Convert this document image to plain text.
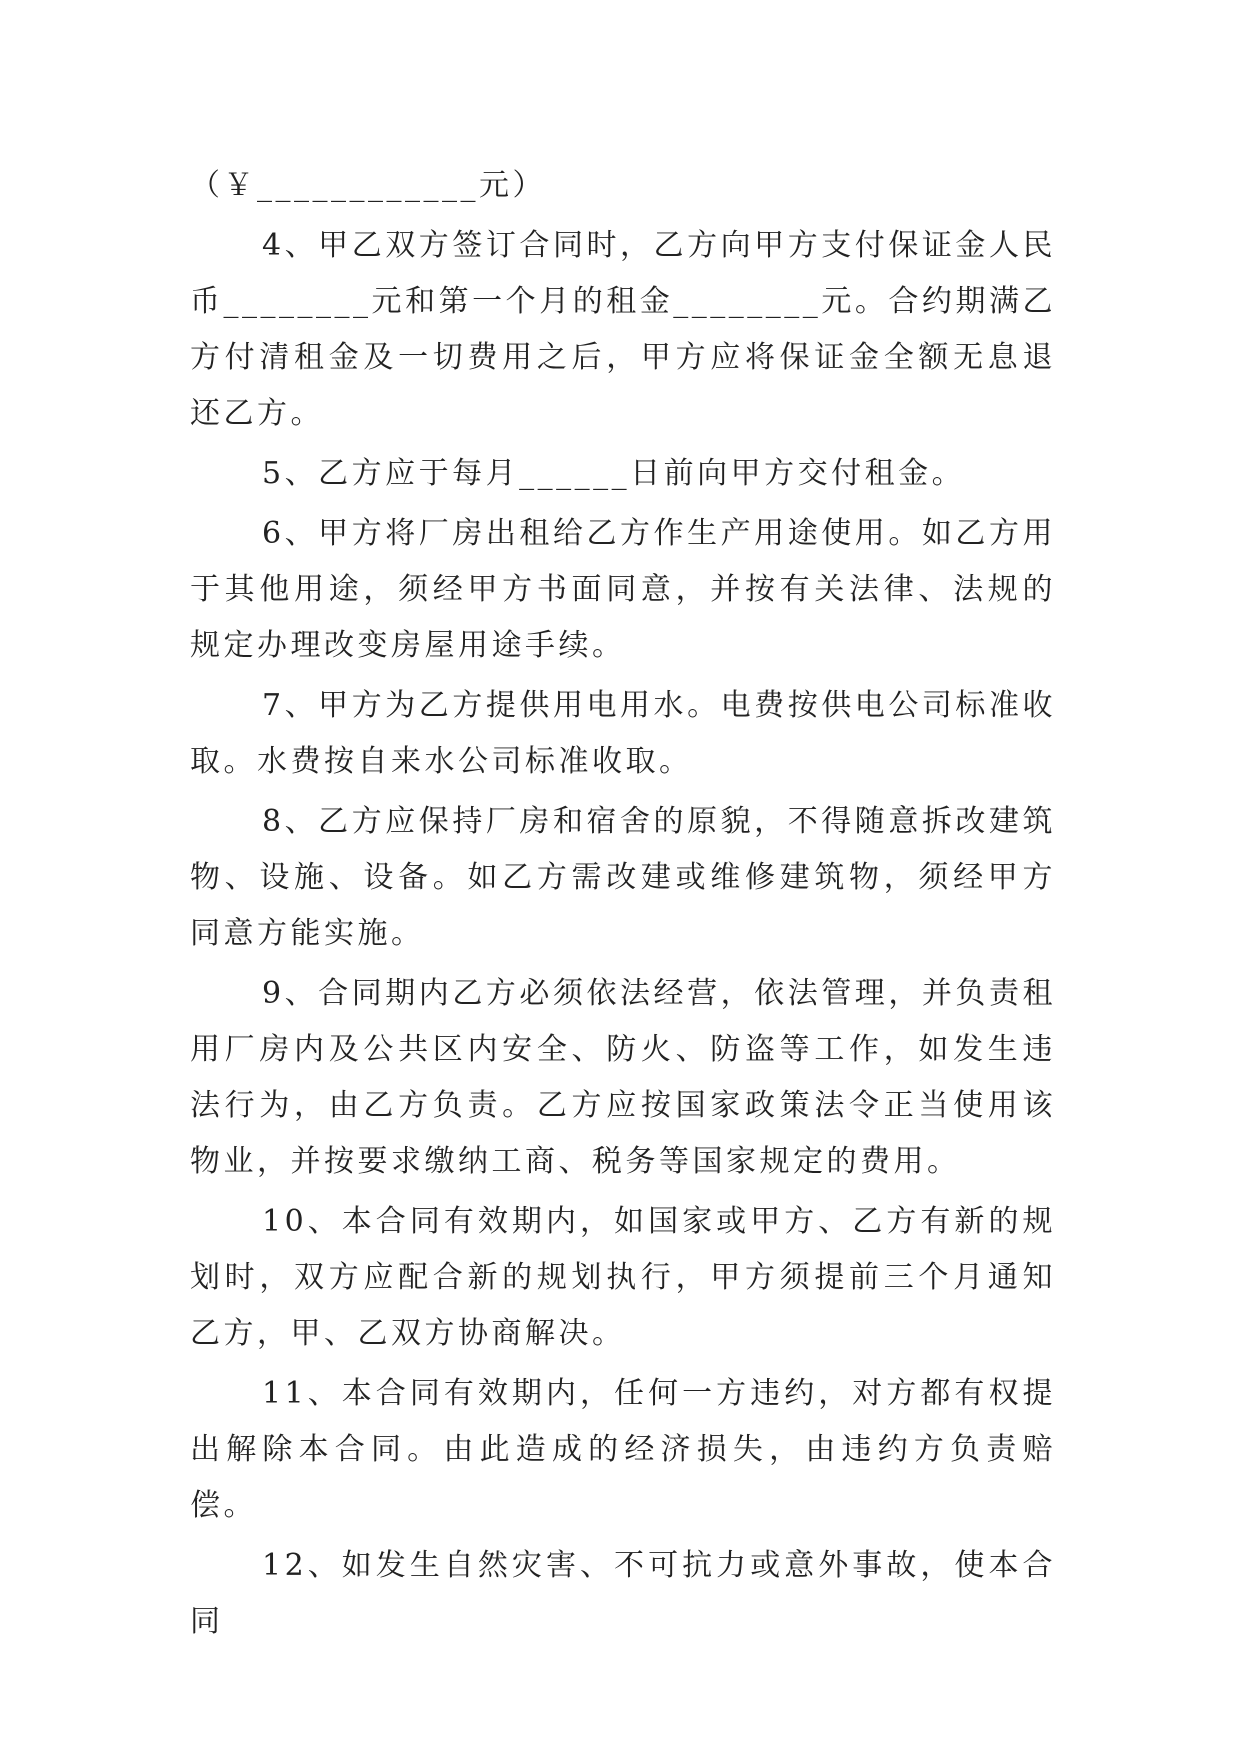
（￥____________元）

4、甲乙双方签订合同时，乙方向甲方支付保证金人民币________元和第一个月的租金________元。合约期满乙方付清租金及一切费用之后，甲方应将保证金全额无息退还乙方。

5、乙方应于每月______日前向甲方交付租金。

6、甲方将厂房出租给乙方作生产用途使用。如乙方用于其他用途，须经甲方书面同意，并按有关法律、法规的规定办理改变房屋用途手续。

7、甲方为乙方提供用电用水。电费按供电公司标准收取。水费按自来水公司标准收取。

8、乙方应保持厂房和宿舍的原貌，不得随意拆改建筑物、设施、设备。如乙方需改建或维修建筑物，须经甲方同意方能实施。

9、合同期内乙方必须依法经营，依法管理，并负责租用厂房内及公共区内安全、防火、防盗等工作，如发生违法行为，由乙方负责。乙方应按国家政策法令正当使用该物业，并按要求缴纳工商、税务等国家规定的费用。

10、本合同有效期内，如国家或甲方、乙方有新的规划时，双方应配合新的规划执行，甲方须提前三个月通知乙方，甲、乙双方协商解决。

11、本合同有效期内，任何一方违约，对方都有权提出解除本合同。由此造成的经济损失，由违约方负责赔偿。

12、如发生自然灾害、不可抗力或意外事故，使本合同
